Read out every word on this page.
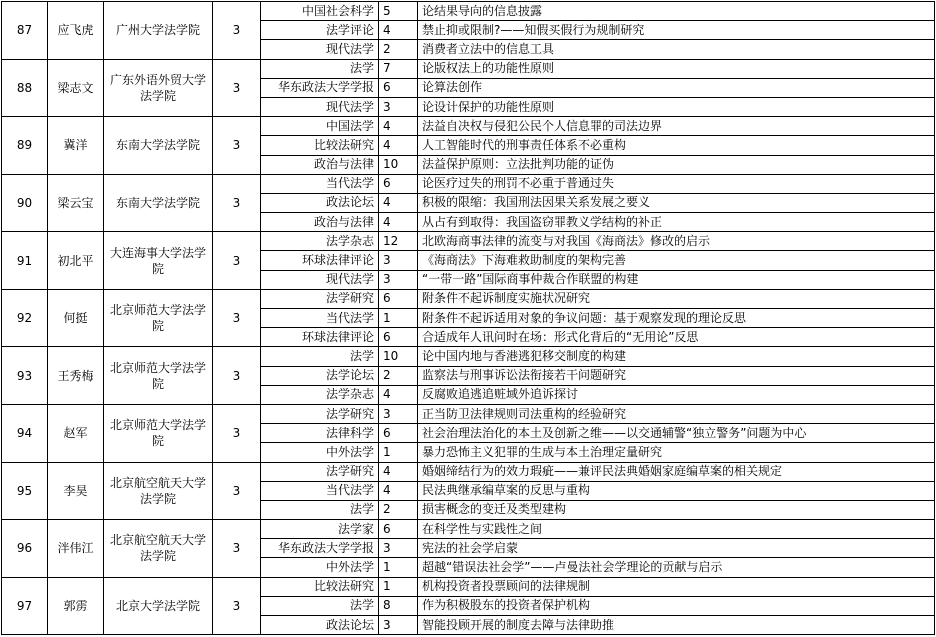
87	应飞虎	广州大学法学院	3	中国社会科学	5	论结果导向的信息披露
				法学评论	4	禁止抑或限制?——知假买假行为规制研究
				现代法学	2	消费者立法中的信息工具
88	梁志文	广东外语外贸大学法学院	3	法学	7	论版权法上的功能性原则
				华东政法大学学报	6	论算法创作
				现代法学	3	论设计保护的功能性原则
89	冀洋	东南大学法学院	3	中国法学	4	法益自决权与侵犯公民个人信息罪的司法边界
				比较法研究	4	人工智能时代的刑事责任体系不必重构
				政治与法律	10	法益保护原则：立法批判功能的证伪
90	梁云宝	东南大学法学院	3	当代法学	6	论医疗过失的刑罚不必重于普通过失
				政法论坛	4	积极的限缩：我国刑法因果关系发展之要义
				政治与法律	4	从占有到取得：我国盗窃罪教义学结构的补正
91	初北平	大连海事大学法学院	3	法学杂志	12	北欧海商事法律的流变与对我国《海商法》修改的启示
				环球法律评论	3	《海商法》下海难救助制度的架构完善
				现代法学	3	“一带一路”国际商事仲裁合作联盟的构建
92	何挺	北京师范大学法学院	3	法学研究	6	附条件不起诉制度实施状况研究
				当代法学	1	附条件不起诉适用对象的争议问题：基于观察发现的理论反思
				环球法律评论	6	合适成年人讯问时在场：形式化背后的“无用论”反思
93	王秀梅	北京师范大学法学院	3	法学	10	论中国内地与香港逃犯移交制度的构建
				法学论坛	2	监察法与刑事诉讼法衔接若干问题研究
				法学杂志	4	反腐败追逃追赃域外追诉探讨
94	赵军	北京师范大学法学院	3	法学研究	3	正当防卫法律规则司法重构的经验研究
				法律科学	6	社会治理法治化的本土及创新之维——以交通辅警“独立警务”问题为中心
				中外法学	1	暴力恐怖主义犯罪的生成与本土治理定量研究
95	李昊	北京航空航天大学法学院	3	法学研究	4	婚姻缔结行为的效力瑕疵——兼评民法典婚姻家庭编草案的相关规定
				当代法学	4	民法典继承编草案的反思与重构
				法学	2	损害概念的变迁及类型建构
96	泮伟江	北京航空航天大学法学院	3	法学家	6	在科学性与实践性之间
				华东政法大学学报	3	宪法的社会学启蒙
				中外法学	1	超越“错误法社会学”——卢曼法社会学理论的贡献与启示
97	郭雳	北京大学法学院	3	比较法研究	1	机构投资者投票顾问的法律规制
				法学	8	作为积极股东的投资者保护机构
				政法论坛	3	智能投顾开展的制度去障与法律助推
